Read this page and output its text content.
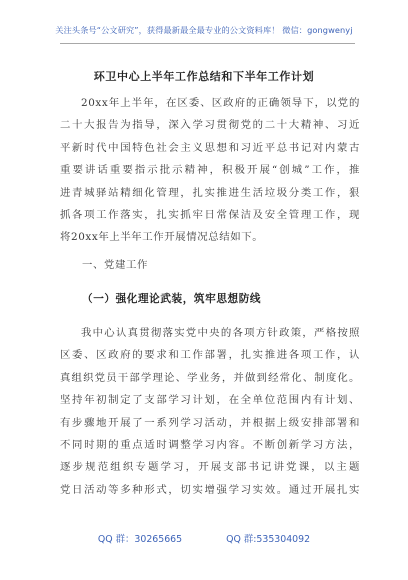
关注头条号“公文研究”，获得最新最全最专业的公文资料库！ 微信：gongwenyj
环卫中心上半年工作总结和下半年工作计划
20xx年上半年，在区委、区政府的正确领导下，以党的
二十大报告为指导，深入学习贯彻党的二十大精神、习近
平新时代中国特色社会主义思想和习近平总书记对内蒙古
重要讲话重要指示批示精神，积极开展“创城”工作，推
进青城驿站精细化管理，扎实推进生活垃圾分类工作，狠
抓各项工作落实，扎实抓牢日常保洁及安全管理工作，现
将20xx年上半年工作开展情况总结如下。
一、党建工作
（一）强化理论武装，筑牢思想防线
我中心认真贯彻落实党中央的各项方针政策，严格按照
区委、区政府的要求和工作部署，扎实推进各项工作，认
真组织党员干部学理论、学业务，并做到经常化、制度化。
坚持年初制定了支部学习计划，在全单位范围内有计划、
有步骤地开展了一系列学习活动，并根据上级安排部署和
不同时期的重点适时调整学习内容。不断创新学习方法，
逐步规范组织专题学习，开展支部书记讲党课，以主题
党日活动等多种形式，切实增强学习实效。通过开展扎实
QQ 群：30265665	QQ 群:535304092
